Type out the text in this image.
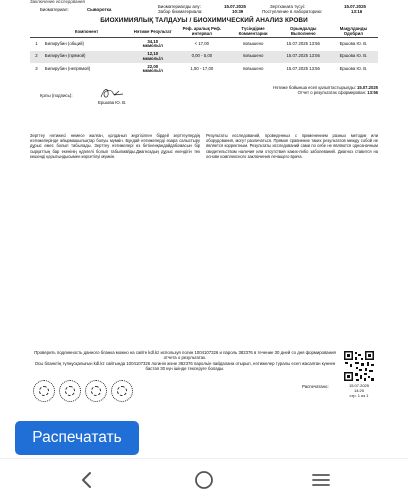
Заключение исследования
Биоматериал:	Сыворотка
Биоматериалды алу:
Забор биоматериала:
15.07.2025
10:39
Зертханаға түсуі:
Поступление в лабораторию:
15.07.2025
13:16
БИОХИМИЯЛЫҚ ТАЛДАУЫ / БИОХИМИЧЕСКИЙ АНАЛИЗ КРОВИ
	Компонент	Нәтиже Результат	Реф. аралық Реф. интервал	Түсіндірме Комментарии	Орындалды Выполнено	Мақұлданды Одобрил
1	Билирубин (общий)	34,10
мкмоль/л	< 17,00	повышено	15.07.2025 13:56	Ершова Ю. В.
2	Билирубин (прямой)	12,10
мкмоль/л	0,00 - 5,00	повышено	15.07.2025 13:56	Ершова Ю. В.
3	Билирубин (непрямой)	22,00
мкмоль/л	1,50 - 17,00	повышено	15.07.2025 13:56	Ершова Ю. В.
Қолы (подпись):
Ершова Ю. В.
Нәтиже бойынша есеп қалыптастырылды: 15.07.2025
Отчет о результатах сформирован: 13:56
Зерттеу нәтижесі немесе жалған, қолданып жүргізілген бірдей зерттеулердің нәтижелерінде айырмашылықтар болуы мүмкін. Бұндай нәтижелерді өзара салыстыру дұрыс емес болып табылады. Зерттеу нәтижелері өз бетіненқандайдабомасын бір сырқаттың бар екенінің ңдәлелі болып табылмайды.Диагноздың дұрыс екендігін тек кешенді қорытындысымен көрсетілуі мүмкін.
Результаты исследований, проведенных с применением разных методик или оборудования, могут различаться. Прямое сравнение таких результатов между собой не является корректным. Результаты исследований сами по себе не являются однозначным свидетельством наличия или отсутствия каких-либо заболеваний. Диагноз ставится на основе комплексного заключения лечащего врача.
Проверить подлинность данного бланка можно на сайте kdl.kz используя логин 1004107326 и пароль 382376 в течение 30 дней со дня формирования отчета о результатах.
Осы бланктің түпнұсқалығын kdl.kz сайтында 1004107326 логинін және 382376 парольін пайдалана отырып, нәтижелер туралы есеп жасалған күннен бастап 30 күн ішінде тексеруге болады.
Распечатано:	15.07.2025
14:25
стр. 1 из 1
Распечатать
